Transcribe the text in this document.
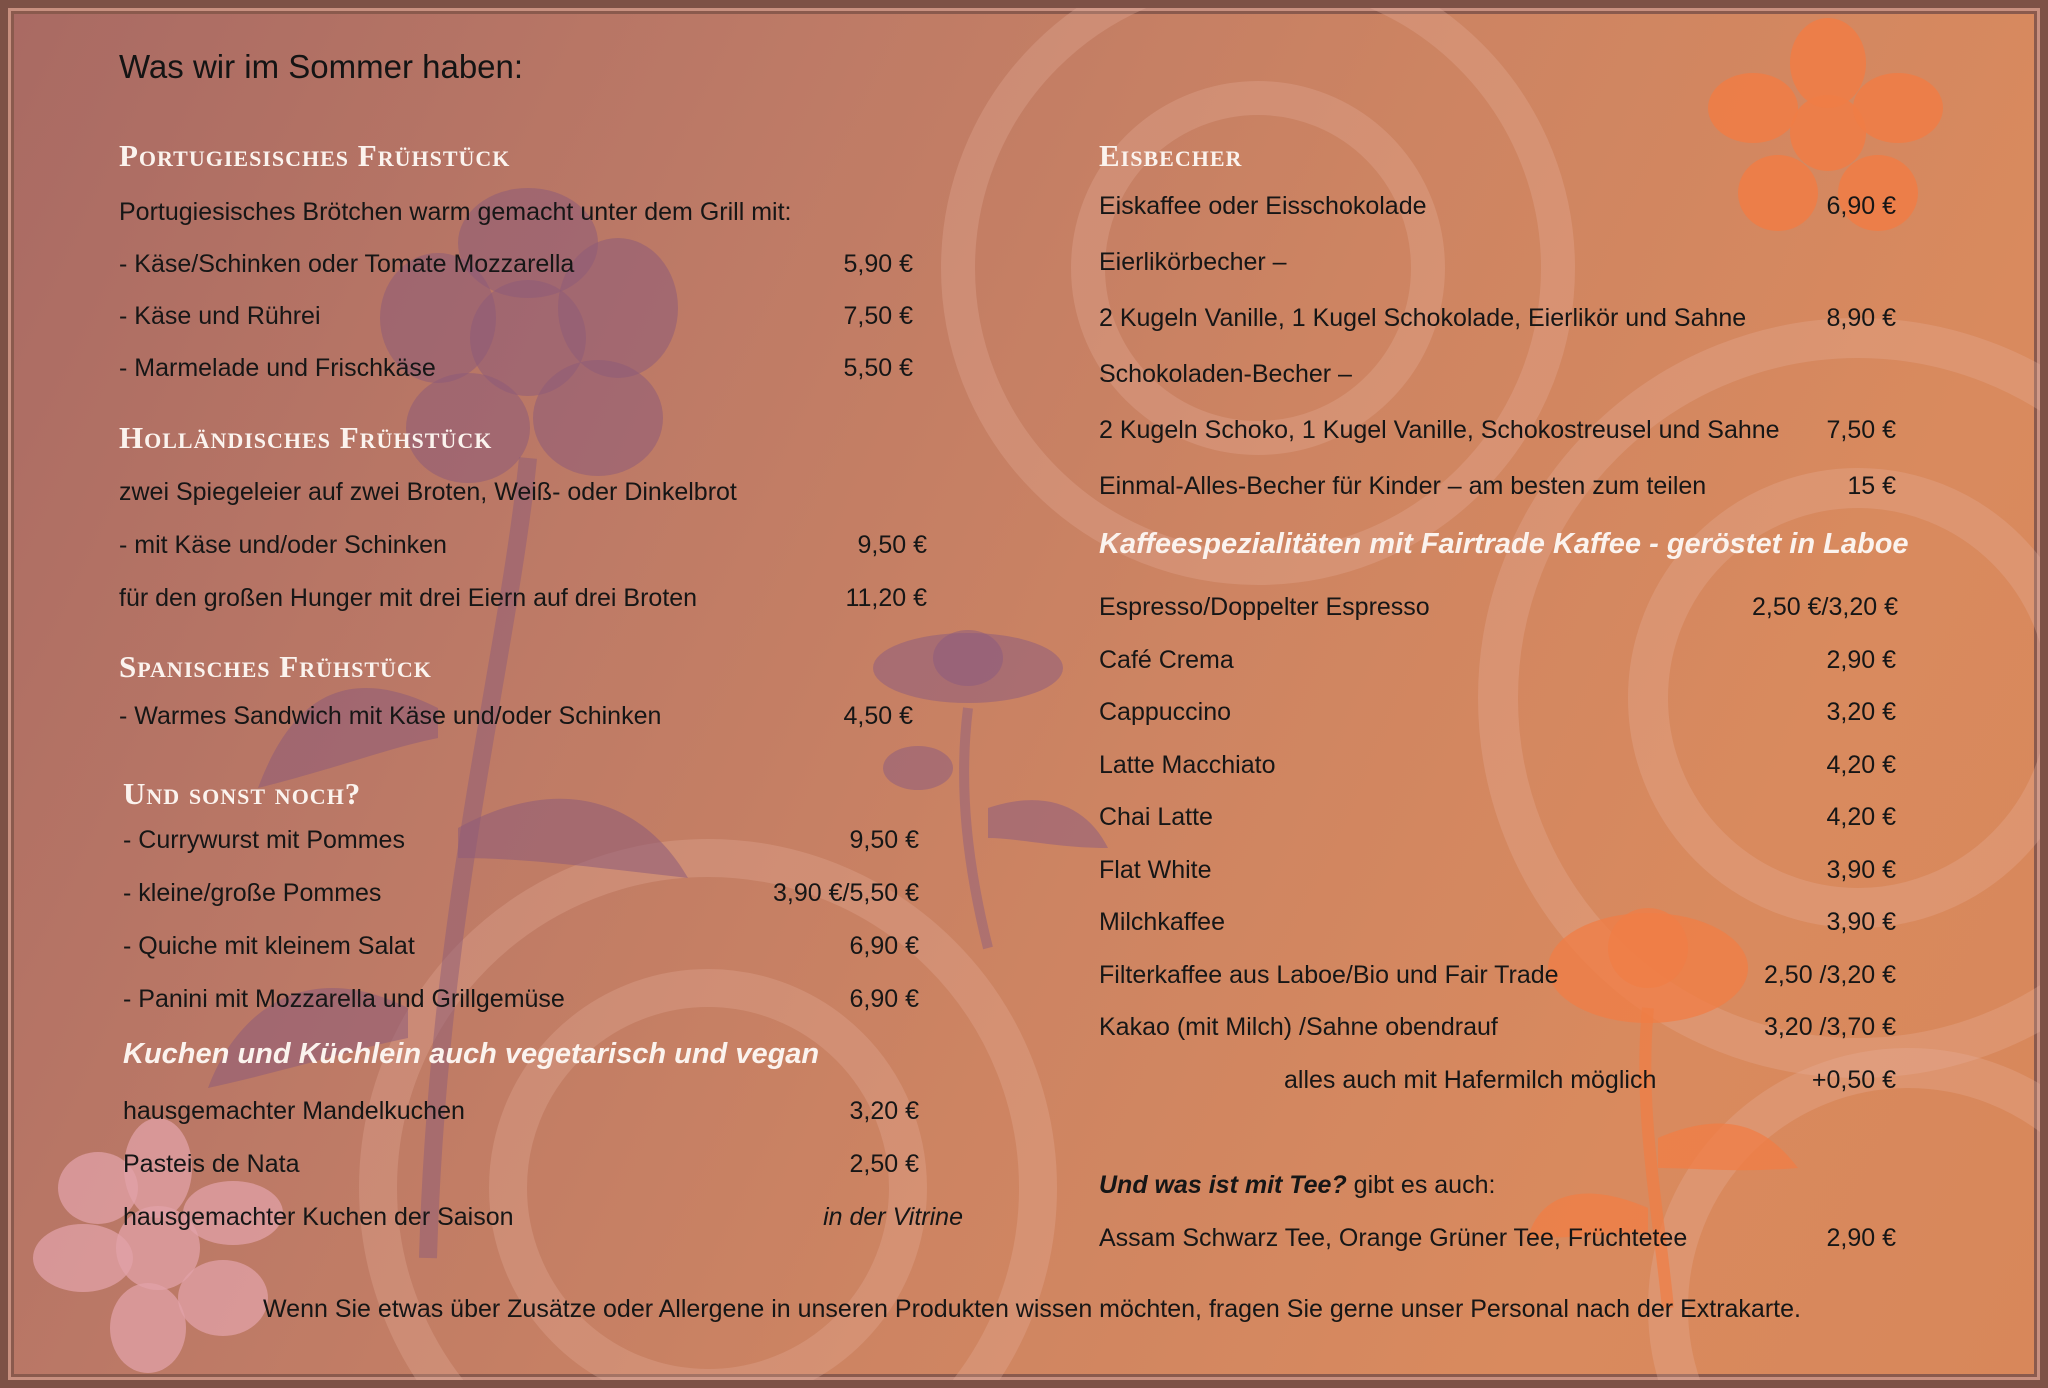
Was wir im Sommer haben:
Portugiesisches Frühstück
Portugiesisches Brötchen warm gemacht unter dem Grill mit:
- Käse/Schinken oder Tomate Mozzarella	5,90 €
- Käse und Rührei	7,50 €
- Marmelade und Frischkäse	5,50 €
Holländisches Frühstück
zwei Spiegeleier auf zwei Broten, Weiß- oder Dinkelbrot
- mit Käse und/oder Schinken	9,50 €
für den großen Hunger mit drei Eiern auf drei Broten	11,20 €
Spanisches Frühstück
- Warmes Sandwich mit Käse und/oder Schinken	4,50 €
Und sonst noch?
- Currywurst mit Pommes	9,50 €
- kleine/große Pommes	3,90 €/5,50 €
- Quiche mit kleinem Salat	6,90 €
- Panini mit Mozzarella und Grillgemüse	6,90 €
Kuchen und Küchlein auch vegetarisch und vegan
hausgemachter Mandelkuchen	3,20 €
Pasteis de Nata	2,50 €
hausgemachter Kuchen der Saison	in der Vitrine
Eisbecher
Eiskaffee oder Eisschokolade	6,90 €
Eierlikörbecher –
2 Kugeln Vanille, 1 Kugel Schokolade, Eierlikör und Sahne	8,90 €
Schokoladen-Becher –
2 Kugeln Schoko, 1 Kugel Vanille, Schokostreusel und Sahne 7,50 €
Einmal-Alles-Becher für Kinder – am besten zum teilen	15 €
Kaffeespezialitäten mit Fairtrade Kaffee - geröstet in Laboe
Espresso/Doppelter Espresso	2,50 €/3,20 €
Café Crema	2,90 €
Cappuccino	3,20 €
Latte Macchiato	4,20 €
Chai Latte	4,20 €
Flat White	3,90 €
Milchkaffee	3,90 €
Filterkaffee aus Laboe/Bio und Fair Trade	2,50 /3,20 €
Kakao (mit Milch) /Sahne obendrauf	3,20 /3,70 €
alles auch mit Hafermilch möglich	+0,50 €
Und was ist mit Tee? gibt es auch:
Assam Schwarz Tee, Orange Grüner Tee, Früchtetee	2,90 €
Wenn Sie etwas über Zusätze oder Allergene in unseren Produkten wissen möchten, fragen Sie gerne unser Personal nach der Extrakarte.
